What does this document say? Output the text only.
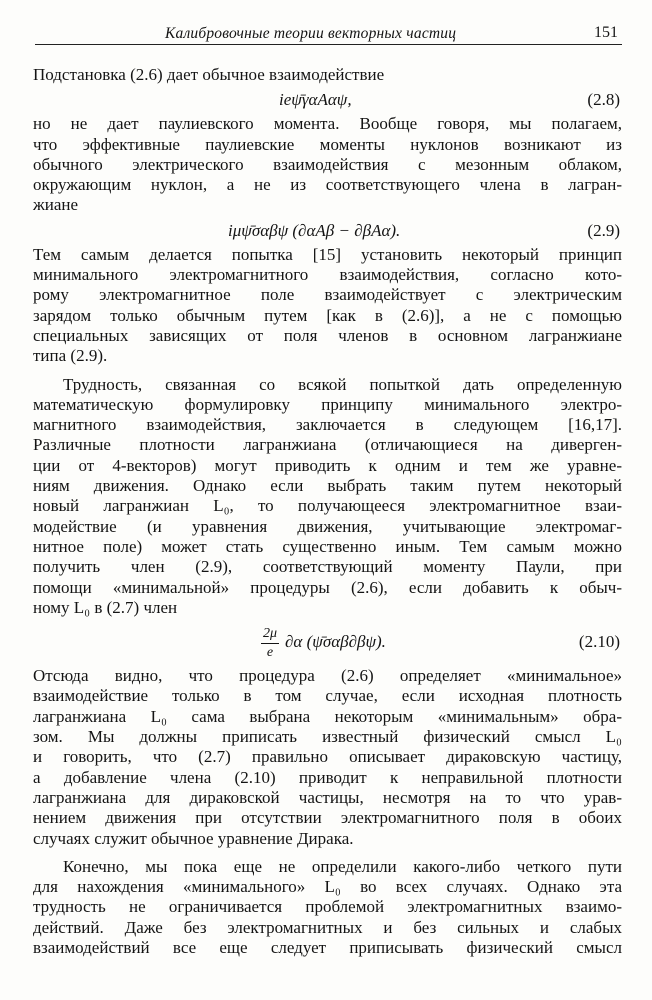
Калибровочные теории векторных частиц	151
Подстановка (2.6) дает обычное взаимодействие
ieψ̄γαAαψ,	(2.8)
но не дает паулиевского момента. Вообще говоря, мы полагаем,
что эффективные паулиевские моменты нуклонов возникают из
обычного электрического взаимодействия с мезонным облаком,
окружающим нуклон, а не из соответствующего члена в лагран-
жиане
iμψ̄σαβψ (∂αAβ − ∂βAα).	(2.9)
Тем самым делается попытка [15] установить некоторый принцип
минимального электромагнитного взаимодействия, согласно кото-
рому электромагнитное поле взаимодействует с электрическим
зарядом только обычным путем [как в (2.6)], а не с помощью
специальных зависящих от поля членов в основном лагранжиане
типа (2.9).
Трудность, связанная со всякой попыткой дать определенную
математическую формулировку принципу минимального электро-
магнитного взаимодействия, заключается в следующем [16,17].
Различные плотности лагранжиана (отличающиеся на диверген-
ции от 4-векторов) могут приводить к одним и тем же уравне-
ниям движения. Однако если выбрать таким путем некоторый
новый лагранжиан L₀, то получающееся электромагнитное взаи-
модействие (и уравнения движения, учитывающие электромаг-
нитное поле) может стать существенно иным. Тем самым можно
получить член (2.9), соответствующий моменту Паули, при
помощи «минимальной» процедуры (2.6), если добавить к обыч-
ному L₀ в (2.7) член
$\frac{2\mu}{e} \partial\alpha$ (ψ̄σαβ∂βψ).	(2.10)
Отсюда видно, что процедура (2.6) определяет «минимальное»
взаимодействие только в том случае, если исходная плотность
лагранжиана L₀ сама выбрана некоторым «минимальным» обра-
зом. Мы должны приписать известный физический смысл L₀
и говорить, что (2.7) правильно описывает дираковскую частицу,
а добавление члена (2.10) приводит к неправильной плотности
лагранжиана для дираковской частицы, несмотря на то что урав-
нением движения при отсутствии электромагнитного поля в обоих
случаях служит обычное уравнение Дирака.
Конечно, мы пока еще не определили какого-либо четкого пути
для нахождения «минимального» L₀ во всех случаях. Однако эта
трудность не ограничивается проблемой электромагнитных взаимо-
действий. Даже без электромагнитных и без сильных и слабых
взаимодействий все еще следует приписывать физический смысл
